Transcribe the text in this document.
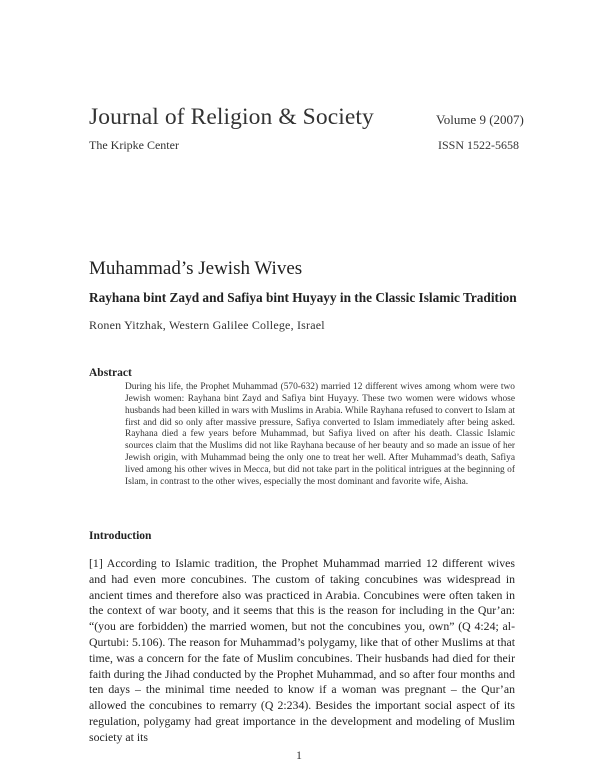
Journal of Religion & Society	Volume 9 (2007)
The Kripke Center	ISSN 1522-5658
Muhammad’s Jewish Wives
Rayhana bint Zayd and Safiya bint Huyayy in the Classic Islamic Tradition
Ronen Yitzhak, Western Galilee College, Israel
Abstract
During his life, the Prophet Muhammad (570-632) married 12 different wives among whom were two Jewish women: Rayhana bint Zayd and Safiya bint Huyayy. These two women were widows whose husbands had been killed in wars with Muslims in Arabia. While Rayhana refused to convert to Islam at first and did so only after massive pressure, Safiya converted to Islam immediately after being asked. Rayhana died a few years before Muhammad, but Safiya lived on after his death. Classic Islamic sources claim that the Muslims did not like Rayhana because of her beauty and so made an issue of her Jewish origin, with Muhammad being the only one to treat her well. After Muhammad’s death, Safiya lived among his other wives in Mecca, but did not take part in the political intrigues at the beginning of Islam, in contrast to the other wives, especially the most dominant and favorite wife, Aisha.
Introduction
[1] According to Islamic tradition, the Prophet Muhammad married 12 different wives and had even more concubines. The custom of taking concubines was widespread in ancient times and therefore also was practiced in Arabia. Concubines were often taken in the context of war booty, and it seems that this is the reason for including in the Qur’an: “(you are forbidden) the married women, but not the concubines you, own” (Q 4:24; al-Qurtubi: 5.106). The reason for Muhammad’s polygamy, like that of other Muslims at that time, was a concern for the fate of Muslim concubines. Their husbands had died for their faith during the Jihad conducted by the Prophet Muhammad, and so after four months and ten days – the minimal time needed to know if a woman was pregnant – the Qur’an allowed the concubines to remarry (Q 2:234). Besides the important social aspect of its regulation, polygamy had great importance in the development and modeling of Muslim society at its
1
